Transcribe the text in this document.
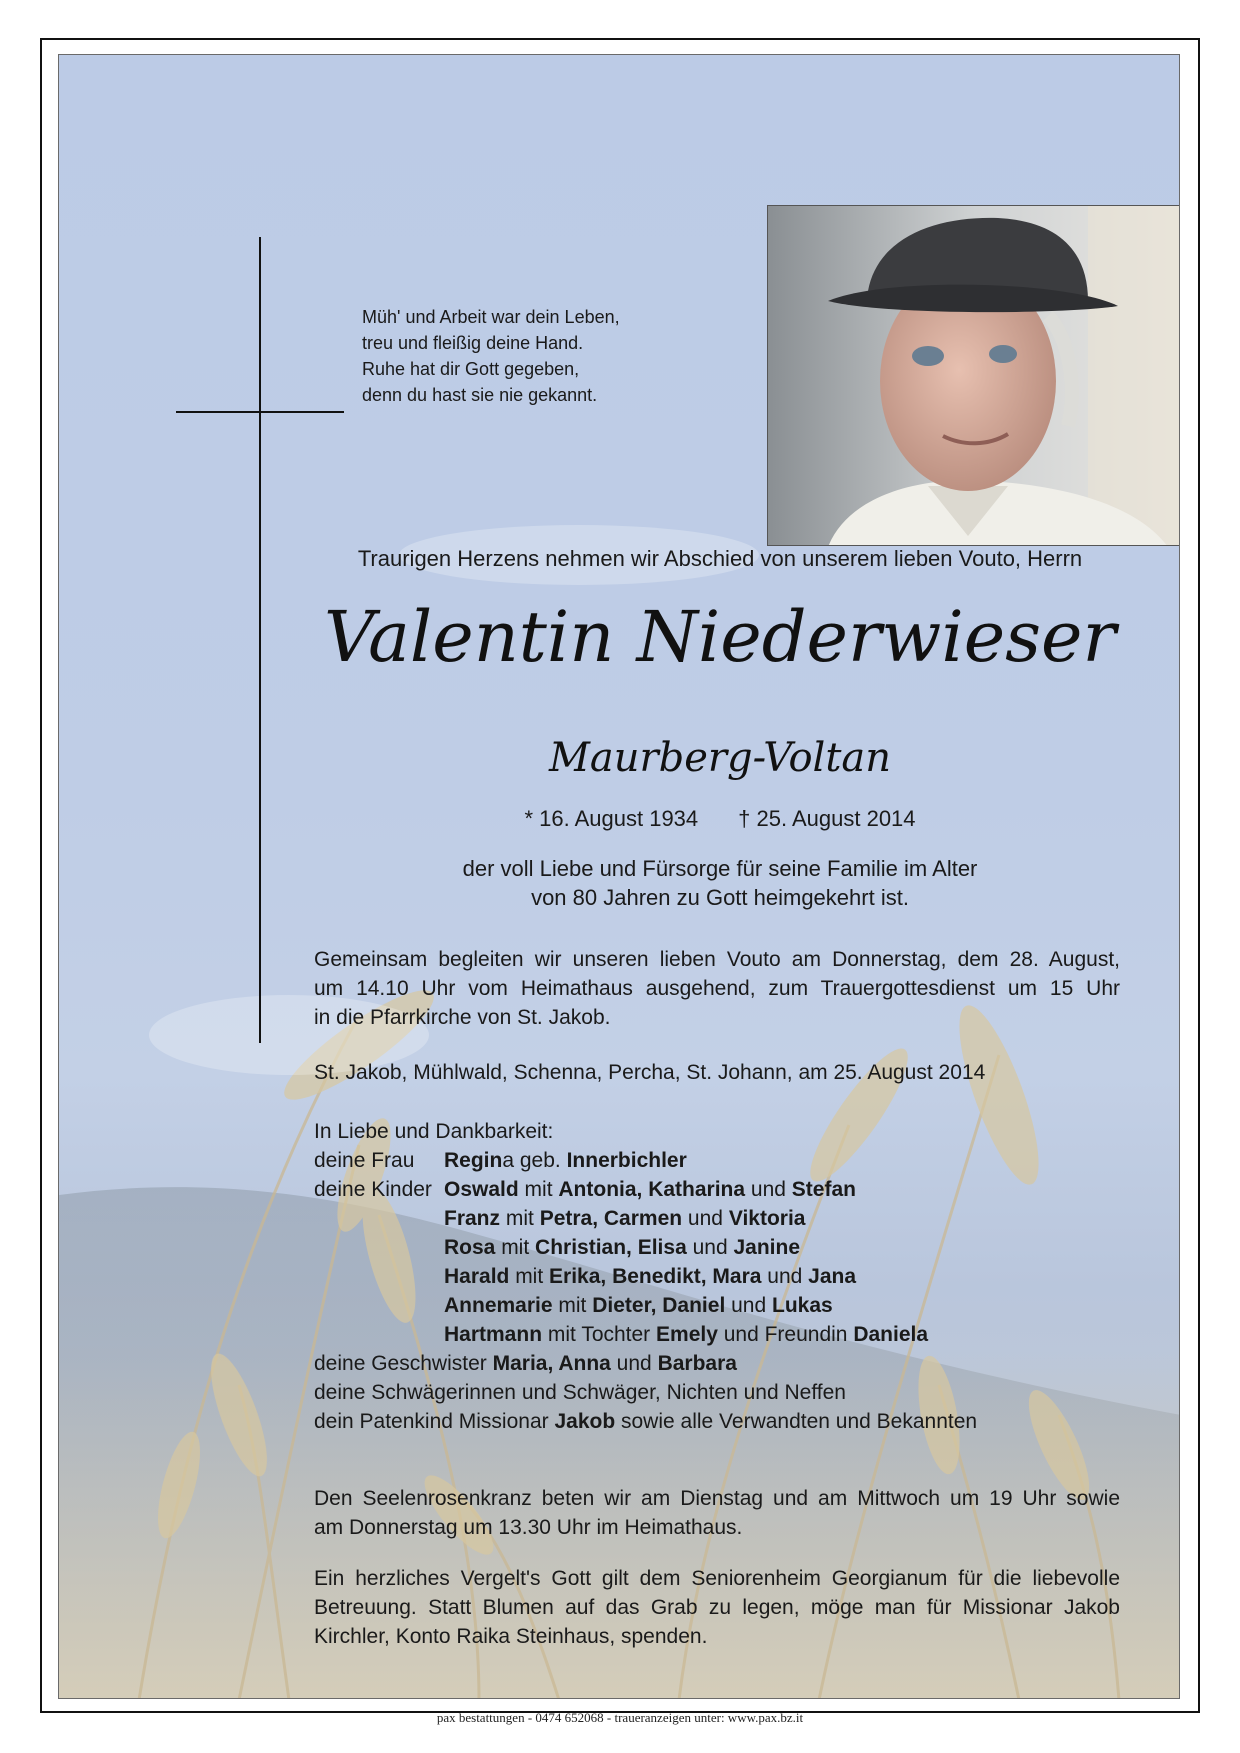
Müh' und Arbeit war dein Leben,
treu und fleißig deine Hand.
Ruhe hat dir Gott gegeben,
denn du hast sie nie gekannt.
Traurigen Herzens nehmen wir Abschied von unserem lieben Vouto, Herrn
Valentin Niederwieser
Maurberg-Voltan
* 16. August 1934 † 25. August 2014
der voll Liebe und Fürsorge für seine Familie im Alter
von 80 Jahren zu Gott heimgekehrt ist.
Gemeinsam begleiten wir unseren lieben Vouto am Donnerstag, dem 28. August,
um 14.10 Uhr vom Heimathaus ausgehend, zum Trauergottesdienst um 15 Uhr
in die Pfarrkirche von St. Jakob.
St. Jakob, Mühlwald, Schenna, Percha, St. Johann, am 25. August 2014
In Liebe und Dankbarkeit:
deine Frau Regina geb. Innerbichler
deine Kinder Oswald mit Antonia, Katharina und Stefan
Franz mit Petra, Carmen und Viktoria
Rosa mit Christian, Elisa und Janine
Harald mit Erika, Benedikt, Mara und Jana
Annemarie mit Dieter, Daniel und Lukas
Hartmann mit Tochter Emely und Freundin Daniela
deine Geschwister Maria, Anna und Barbara
deine Schwägerinnen und Schwäger, Nichten und Neffen
dein Patenkind Missionar Jakob sowie alle Verwandten und Bekannten
Den Seelenrosenkranz beten wir am Dienstag und am Mittwoch um 19 Uhr sowie
am Donnerstag um 13.30 Uhr im Heimathaus.
Ein herzliches Vergelt's Gott gilt dem Seniorenheim Georgianum für die liebevolle
Betreuung. Statt Blumen auf das Grab zu legen, möge man für Missionar Jakob
Kirchler, Konto Raika Steinhaus, spenden.
pax bestattungen - 0474 652068 - traueranzeigen unter: www.pax.bz.it
